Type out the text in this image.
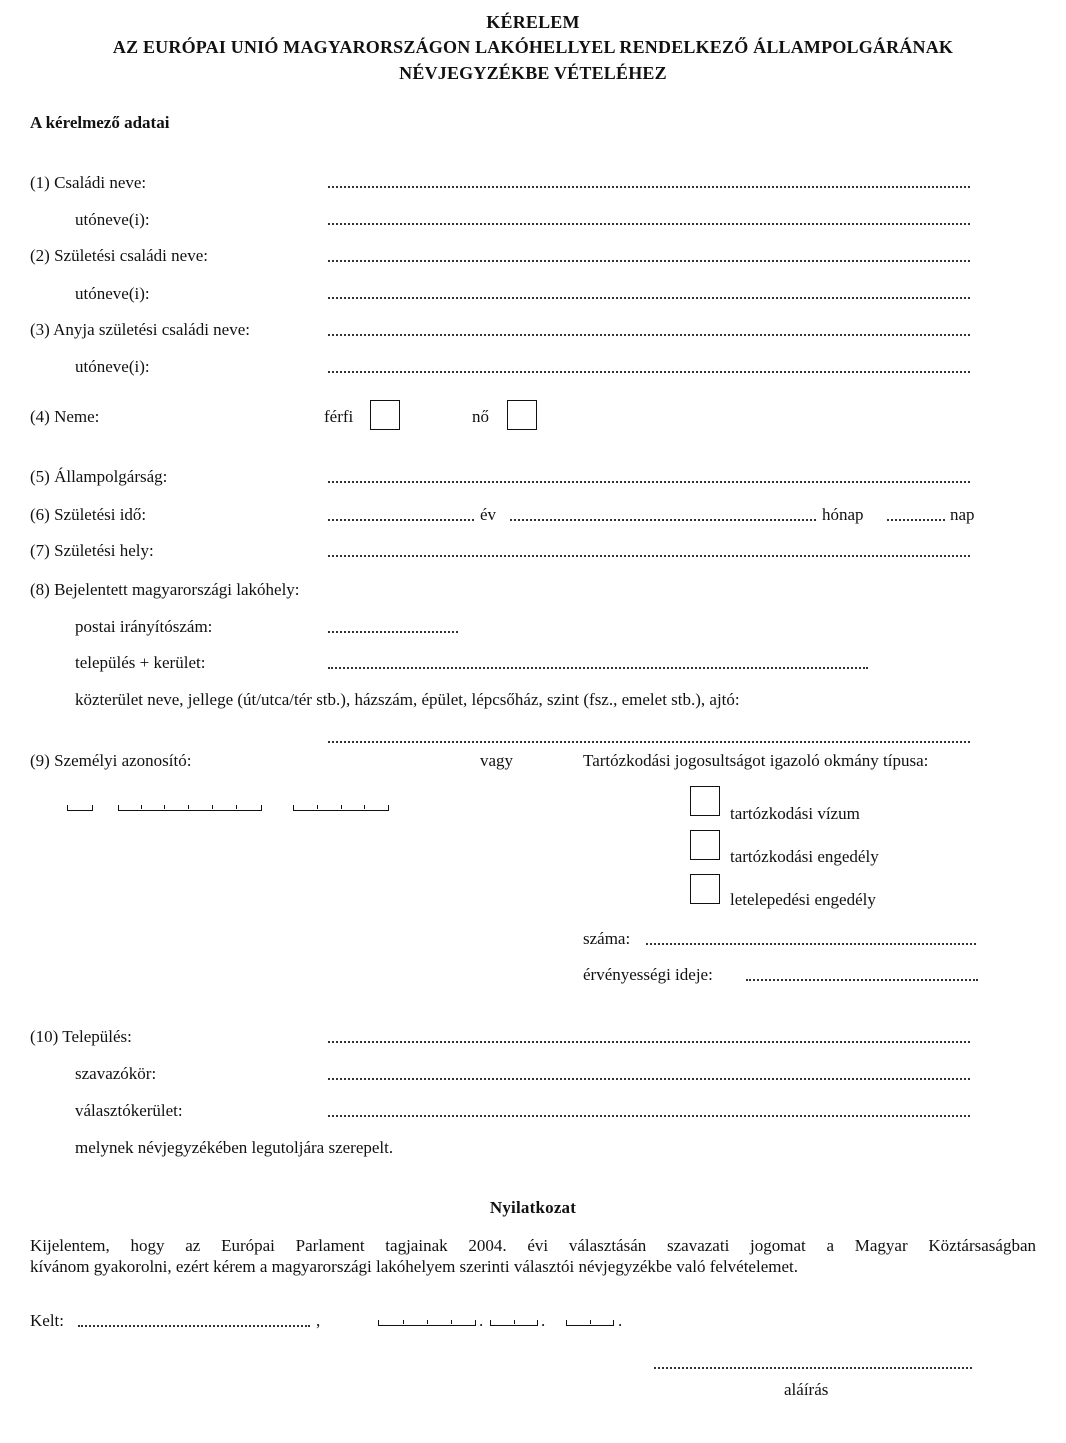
KÉRELEM
AZ EURÓPAI UNIÓ MAGYARORSZÁGON LAKÓHELLYEL RENDELKEZŐ ÁLLAMPOLGÁRÁNAK
NÉVJEGYZÉKBE VÉTELÉHEZ
A kérelmező adatai
(1) Családi neve:
utóneve(i):
(2) Születési családi neve:
utóneve(i):
(3) Anyja születési családi neve:
utóneve(i):
(4) Neme:	férfi	nő
(5) Állampolgárság:
(6) Születési idő:	év	hónap	nap
(7) Születési hely:
(8) Bejelentett magyarországi lakóhely:
postai irányítószám:
település + kerület:
közterület neve, jellege (út/utca/tér stb.), házszám, épület, lépcsőház, szint (fsz., emelet stb.), ajtó:
(9) Személyi azonosító:	vagy	Tartózkodási jogosultságot igazoló okmány típusa:
tartózkodási vízum
tartózkodási engedély
letelepedési engedély
száma:
érvényességi ideje:
(10) Település:
szavazókör:
választókerület:
melynek névjegyzékében legutoljára szerepelt.
Nyilatkozat
Kijelentem, hogy az Európai Parlament tagjainak 2004. évi választásán szavazati jogomat a Magyar Köztársaságban
kívánom gyakorolni, ezért kérem a magyarországi lakóhelyem szerinti választói névjegyzékbe való felvételemet.
Kelt:	,	.	.	.
aláírás
